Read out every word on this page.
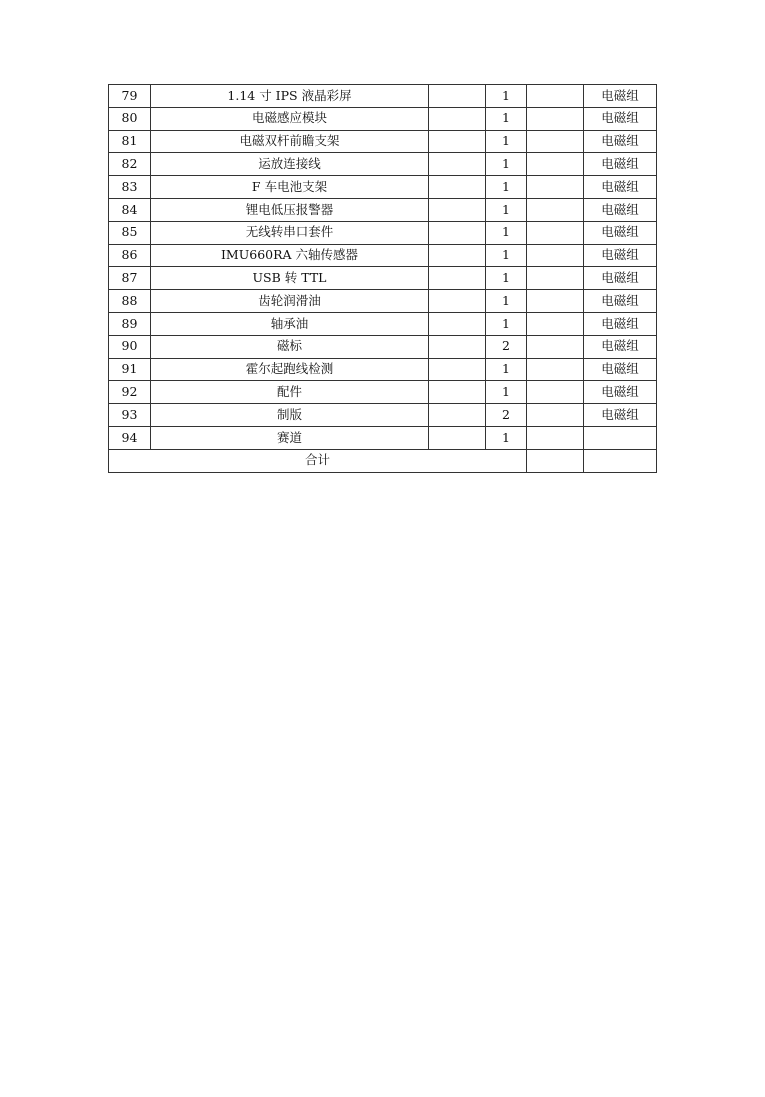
79	1.14 寸 IPS 液晶彩屏		1		电磁组
80	电磁感应模块		1		电磁组
81	电磁双杆前瞻支架		1		电磁组
82	运放连接线		1		电磁组
83	F 车电池支架		1		电磁组
84	锂电低压报警器		1		电磁组
85	无线转串口套件		1		电磁组
86	IMU660RA 六轴传感器		1		电磁组
87	USB 转 TTL		1		电磁组
88	齿轮润滑油		1		电磁组
89	轴承油		1		电磁组
90	磁标		2		电磁组
91	霍尔起跑线检测		1		电磁组
92	配件		1		电磁组
93	制版		2		电磁组
94	赛道		1		
合计					
